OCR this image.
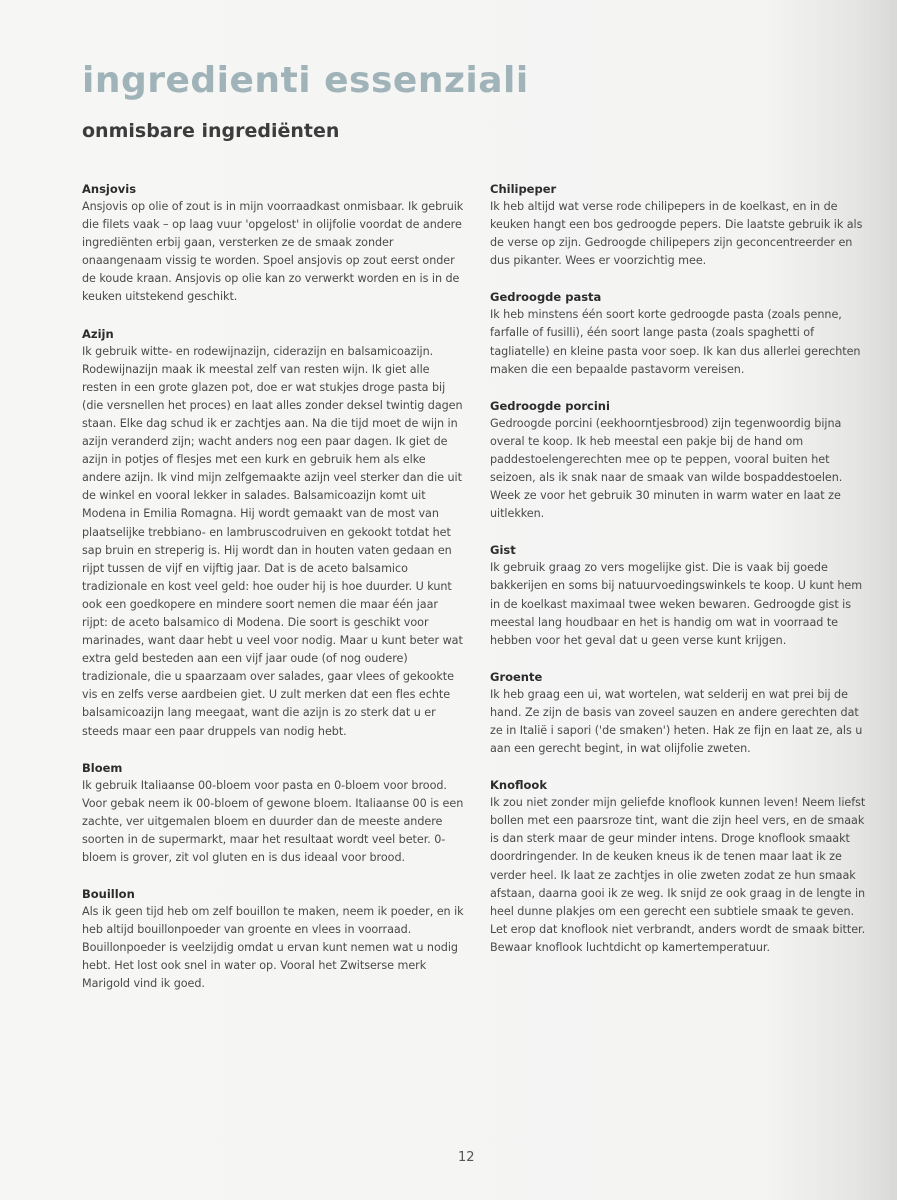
ingredienti essenziali
onmisbare ingrediënten
Ansjovis
Ansjovis op olie of zout is in mijn voorraadkast onmisbaar. Ik gebruik die filets vaak – op laag vuur 'opgelost' in olijfolie voordat de andere ingrediënten erbij gaan, versterken ze de smaak zonder onaangenaam vissig te worden. Spoel ansjovis op zout eerst onder de koude kraan. Ansjovis op olie kan zo verwerkt worden en is in de keuken uitstekend geschikt.
Azijn
Ik gebruik witte- en rodewijnazijn, ciderazijn en balsamicoazijn. Rodewijnazijn maak ik meestal zelf van resten wijn. Ik giet alle resten in een grote glazen pot, doe er wat stukjes droge pasta bij (die versnellen het proces) en laat alles zonder deksel twintig dagen staan. Elke dag schud ik er zachtjes aan. Na die tijd moet de wijn in azijn veranderd zijn; wacht anders nog een paar dagen. Ik giet de azijn in potjes of flesjes met een kurk en gebruik hem als elke andere azijn. Ik vind mijn zelfgemaakte azijn veel sterker dan die uit de winkel en vooral lekker in salades. Balsamicoazijn komt uit Modena in Emilia Romagna. Hij wordt gemaakt van de most van plaatselijke trebbiano- en lambruscodruiven en gekookt totdat het sap bruin en streperig is. Hij wordt dan in houten vaten gedaan en rijpt tussen de vijf en vijftig jaar. Dat is de aceto balsamico tradizionale en kost veel geld: hoe ouder hij is hoe duurder. U kunt ook een goedkopere en mindere soort nemen die maar één jaar rijpt: de aceto balsamico di Modena. Die soort is geschikt voor marinades, want daar hebt u veel voor nodig. Maar u kunt beter wat extra geld besteden aan een vijf jaar oude (of nog oudere) tradizionale, die u spaarzaam over salades, gaar vlees of gekookte vis en zelfs verse aardbeien giet. U zult merken dat een fles echte balsamicoazijn lang meegaat, want die azijn is zo sterk dat u er steeds maar een paar druppels van nodig hebt.
Bloem
Ik gebruik Italiaanse 00-bloem voor pasta en 0-bloem voor brood. Voor gebak neem ik 00-bloem of gewone bloem. Italiaanse 00 is een zachte, ver uitgemalen bloem en duurder dan de meeste andere soorten in de supermarkt, maar het resultaat wordt veel beter. 0-bloem is grover, zit vol gluten en is dus ideaal voor brood.
Bouillon
Als ik geen tijd heb om zelf bouillon te maken, neem ik poeder, en ik heb altijd bouillonpoeder van groente en vlees in voorraad. Bouillonpoeder is veelzijdig omdat u ervan kunt nemen wat u nodig hebt. Het lost ook snel in water op. Vooral het Zwitserse merk Marigold vind ik goed.
Chilipeper
Ik heb altijd wat verse rode chilipepers in de koelkast, en in de keuken hangt een bos gedroogde pepers. Die laatste gebruik ik als de verse op zijn. Gedroogde chilipepers zijn geconcentreerder en dus pikanter. Wees er voorzichtig mee.
Gedroogde pasta
Ik heb minstens één soort korte gedroogde pasta (zoals penne, farfalle of fusilli), één soort lange pasta (zoals spaghetti of tagliatelle) en kleine pasta voor soep. Ik kan dus allerlei gerechten maken die een bepaalde pastavorm vereisen.
Gedroogde porcini
Gedroogde porcini (eekhoorntjesbrood) zijn tegenwoordig bijna overal te koop. Ik heb meestal een pakje bij de hand om paddestoelengerechten mee op te peppen, vooral buiten het seizoen, als ik snak naar de smaak van wilde bospaddestoelen. Week ze voor het gebruik 30 minuten in warm water en laat ze uitlekken.
Gist
Ik gebruik graag zo vers mogelijke gist. Die is vaak bij goede bakkerijen en soms bij natuurvoedingswinkels te koop. U kunt hem in de koelkast maximaal twee weken bewaren. Gedroogde gist is meestal lang houdbaar en het is handig om wat in voorraad te hebben voor het geval dat u geen verse kunt krijgen.
Groente
Ik heb graag een ui, wat wortelen, wat selderij en wat prei bij de hand. Ze zijn de basis van zoveel sauzen en andere gerechten dat ze in Italië i sapori ('de smaken') heten. Hak ze fijn en laat ze, als u aan een gerecht begint, in wat olijfolie zweten.
Knoflook
Ik zou niet zonder mijn geliefde knoflook kunnen leven! Neem liefst bollen met een paarsroze tint, want die zijn heel vers, en de smaak is dan sterk maar de geur minder intens. Droge knoflook smaakt doordringender. In de keuken kneus ik de tenen maar laat ik ze verder heel. Ik laat ze zachtjes in olie zweten zodat ze hun smaak afstaan, daarna gooi ik ze weg. Ik snijd ze ook graag in de lengte in heel dunne plakjes om een gerecht een subtiele smaak te geven. Let erop dat knoflook niet verbrandt, anders wordt de smaak bitter.
Bewaar knoflook luchtdicht op kamertemperatuur.
12
